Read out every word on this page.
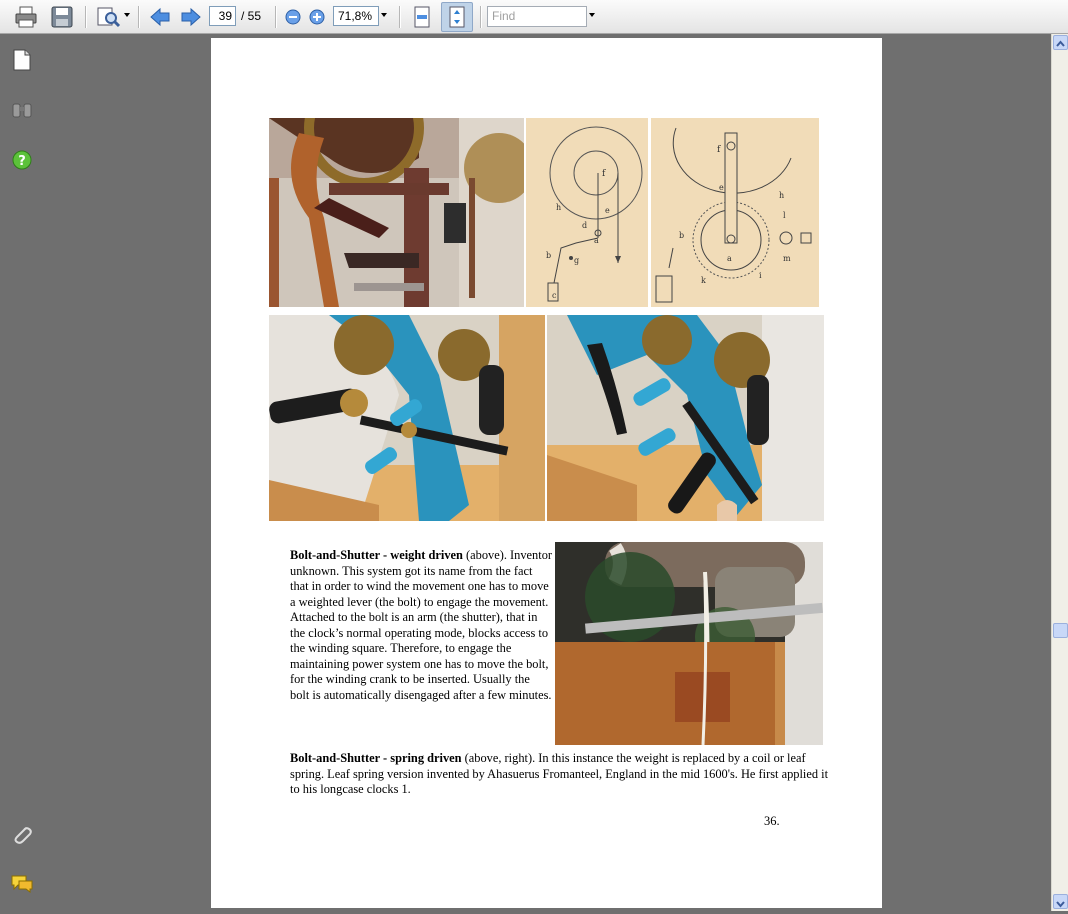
39 / 55	71,8%	Find
?
f
h	e
d
b
g
c
a
f
e
h
l
b
a	m
k
i
Bolt-and-Shutter - weight driven (above). Inventor unknown. This system got its name from the fact that in order to wind the movement one has to move a weighted lever (the bolt) to engage the movement. Attached to the bolt is an arm (the shutter), that in the clock’s normal operating mode, blocks access to the winding square. Therefore, to engage the maintaining power system one has to move the bolt, for the winding crank to be inserted. Usually the bolt is automatically disengaged after a few minutes.
Bolt-and-Shutter - spring driven (above, right). In this instance the weight is replaced by a coil or leaf spring. Leaf spring version invented by Ahasuerus Fromanteel, England in the mid 1600's. He first applied it to his longcase clocks 1.
36.
